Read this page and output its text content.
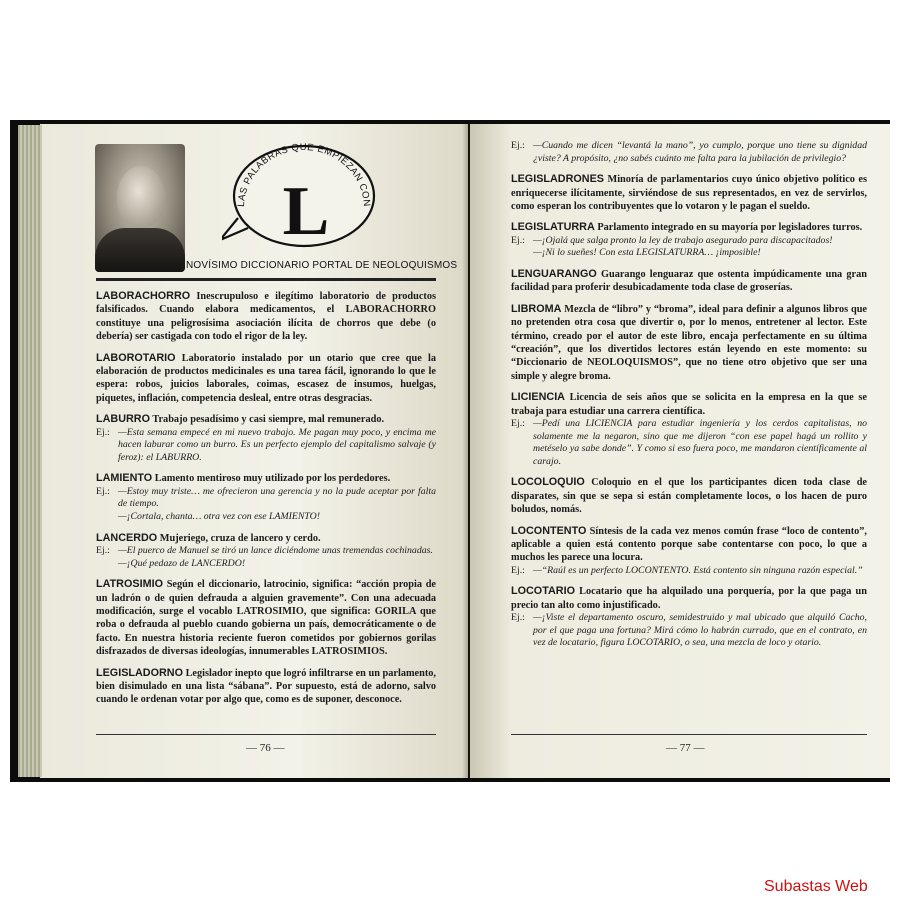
LAS PALABRAS QUE EMPIEZAN CON
L
NOVÍSIMO DICCIONARIO PORTAL DE NEOLOQUISMOS
LABORACHORRO Inescrupuloso e ilegítimo laboratorio de productos falsificados. Cuando elabora medicamentos, el LABORACHORRO constituye una peligrosísima asociación ilícita de chorros que debe (o debería) ser castigada con todo el rigor de la ley.
LABOROTARIO Laboratorio instalado por un otario que cree que la elaboración de productos medicinales es una tarea fácil, ignorando lo que le espera: robos, juicios laborales, coimas, escasez de insumos, huelgas, piquetes, inflación, competencia desleal, entre otras desgracias.
LABURRO Trabajo pesadísimo y casi siempre, mal remunerado.
Ej.: —Esta semana empecé en mi nuevo trabajo. Me pagan muy poco, y encima me hacen laburar como un burro. Es un perfecto ejemplo del capitalismo salvaje (y feroz): el LABURRO.
LAMIENTO Lamento mentiroso muy utilizado por los perdedores.
Ej.: —Estoy muy triste… me ofrecieron una gerencia y no la pude aceptar por falta de tiempo.
—¡Cortala, chanta… otra vez con ese LAMIENTO!
LANCERDO Mujeriego, cruza de lancero y cerdo.
Ej.: —El puerco de Manuel se tiró un lance diciéndome unas tremendas cochinadas.
—¡Qué pedazo de LANCERDO!
LATROSIMIO Según el diccionario, latrocinio, significa: “acción propia de un ladrón o de quien defrauda a alguien gravemente”. Con una adecuada modificación, surge el vocablo LATROSIMIO, que significa: GORILA que roba o defrauda al pueblo cuando gobierna un país, democráticamente o de facto. En nuestra historia reciente fueron cometidos por gobiernos gorilas disfrazados de diversas ideologías, innumerables LATROSIMIOS.
LEGISLADORNO Legislador inepto que logró infiltrarse en un parlamento, bien disimulado en una lista “sábana”. Por supuesto, está de adorno, salvo cuando le ordenan votar por algo que, como es de suponer, desconoce.
— 76 —
Ej.: —Cuando me dicen “levantá la mano”, yo cumplo, porque uno tiene su dignidad ¿viste? A propósito, ¿no sabés cuánto me falta para la jubilación de privilegio?
LEGISLADRONES Minoría de parlamentarios cuyo único objetivo político es enriquecerse ilícitamente, sirviéndose de sus representados, en vez de servirlos, como esperan los contribuyentes que lo votaron y le pagan el sueldo.
LEGISLATURRA Parlamento integrado en su mayoría por legisladores turros.
Ej.: —¡Ojalá que salga pronto la ley de trabajo asegurado para discapacitados!
—¡Ni lo sueñes! Con esta LEGISLATURRA… ¡imposible!
LENGUARANGO Guarango lenguaraz que ostenta impúdicamente una gran facilidad para proferir desubicadamente toda clase de groserías.
LIBROMA Mezcla de “libro” y “broma”, ideal para definir a algunos libros que no pretenden otra cosa que divertir o, por lo menos, entretener al lector. Este término, creado por el autor de este libro, encaja perfectamente en su última “creación”, que los divertidos lectores están leyendo en este momento: su “Diccionario de NEOLOQUISMOS”, que no tiene otro objetivo que ser una simple y alegre broma.
LICIENCIA Licencia de seis años que se solicita en la empresa en la que se trabaja para estudiar una carrera científica.
Ej.: —Pedí una LICIENCIA para estudiar ingeniería y los cerdos capitalistas, no solamente me la negaron, sino que me dijeron “con ese papel hagá un rollito y metéselo ya sabe donde”. Y como si eso fuera poco, me mandaron científicamente al carajo.
LOCOLOQUIO Coloquio en el que los participantes dicen toda clase de disparates, sin que se sepa si están completamente locos, o los hacen de puro boludos, nomás.
LOCONTENTO Síntesis de la cada vez menos común frase “loco de contento”, aplicable a quien está contento porque sabe contentarse con poco, lo que a muchos les parece una locura.
Ej.: —“Raúl es un perfecto LOCONTENTO. Está contento sin ninguna razón especial.”
LOCOTARIO Locatario que ha alquilado una porquería, por la que paga un precio tan alto como injustificado.
Ej.: —¡Viste el departamento oscuro, semidestruido y mal ubicado que alquiló Cacho, por el que paga una fortuna? Mirá cómo lo habrán currado, que en el contrato, en vez de locatario, figura LOCOTARIO, o sea, una mezcla de loco y otario.
— 77 —
Subastas Web
